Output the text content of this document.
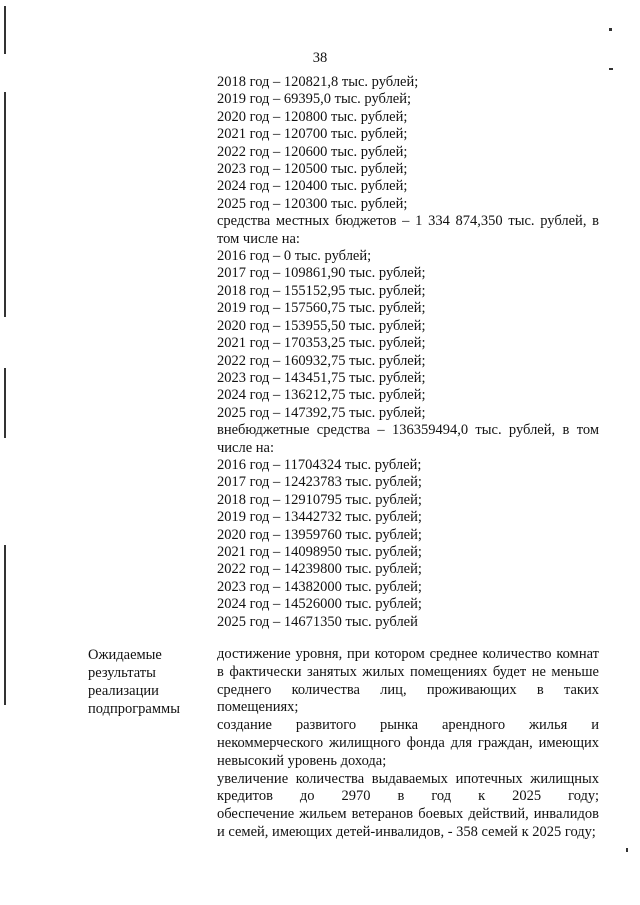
38
2018 год – 120821,8 тыс. рублей;
2019 год – 69395,0 тыс. рублей;
2020 год – 120800 тыс. рублей;
2021 год – 120700 тыс. рублей;
2022 год – 120600 тыс. рублей;
2023 год – 120500 тыс. рублей;
2024 год – 120400 тыс. рублей;
2025 год – 120300 тыс. рублей;
средства местных бюджетов – 1 334 874,350 тыс. рублей, в том числе на:
2016 год – 0 тыс. рублей;
2017 год – 109861,90 тыс. рублей;
2018 год – 155152,95 тыс. рублей;
2019 год – 157560,75 тыс. рублей;
2020 год – 153955,50 тыс. рублей;
2021 год – 170353,25 тыс. рублей;
2022 год – 160932,75 тыс. рублей;
2023 год – 143451,75 тыс. рублей;
2024 год – 136212,75 тыс. рублей;
2025 год – 147392,75 тыс. рублей;
внебюджетные средства – 136359494,0 тыс. рублей, в том числе на:
2016 год – 11704324 тыс. рублей;
2017 год – 12423783 тыс. рублей;
2018 год – 12910795 тыс. рублей;
2019 год – 13442732 тыс. рублей;
2020 год – 13959760 тыс. рублей;
2021 год – 14098950 тыс. рублей;
2022 год – 14239800 тыс. рублей;
2023 год – 14382000 тыс. рублей;
2024 год – 14526000 тыс. рублей;
2025 год – 14671350 тыс. рублей
Ожидаемые
результаты
реализации
подпрограммы

достижение уровня, при котором среднее количество комнат в фактически занятых жилых помещениях будет не меньше среднего количества лиц, проживающих в таких помещениях;

создание развитого рынка арендного жилья и некоммерческого жилищного фонда для граждан, имеющих невысокий уровень дохода;

увеличение количества выдаваемых ипотечных жилищных кредитов до 2970 в год к 2025 году;

обеспечение жильем ветеранов боевых действий, инвалидов и семей, имеющих детей-инвалидов, - 358 семей к 2025 году;
